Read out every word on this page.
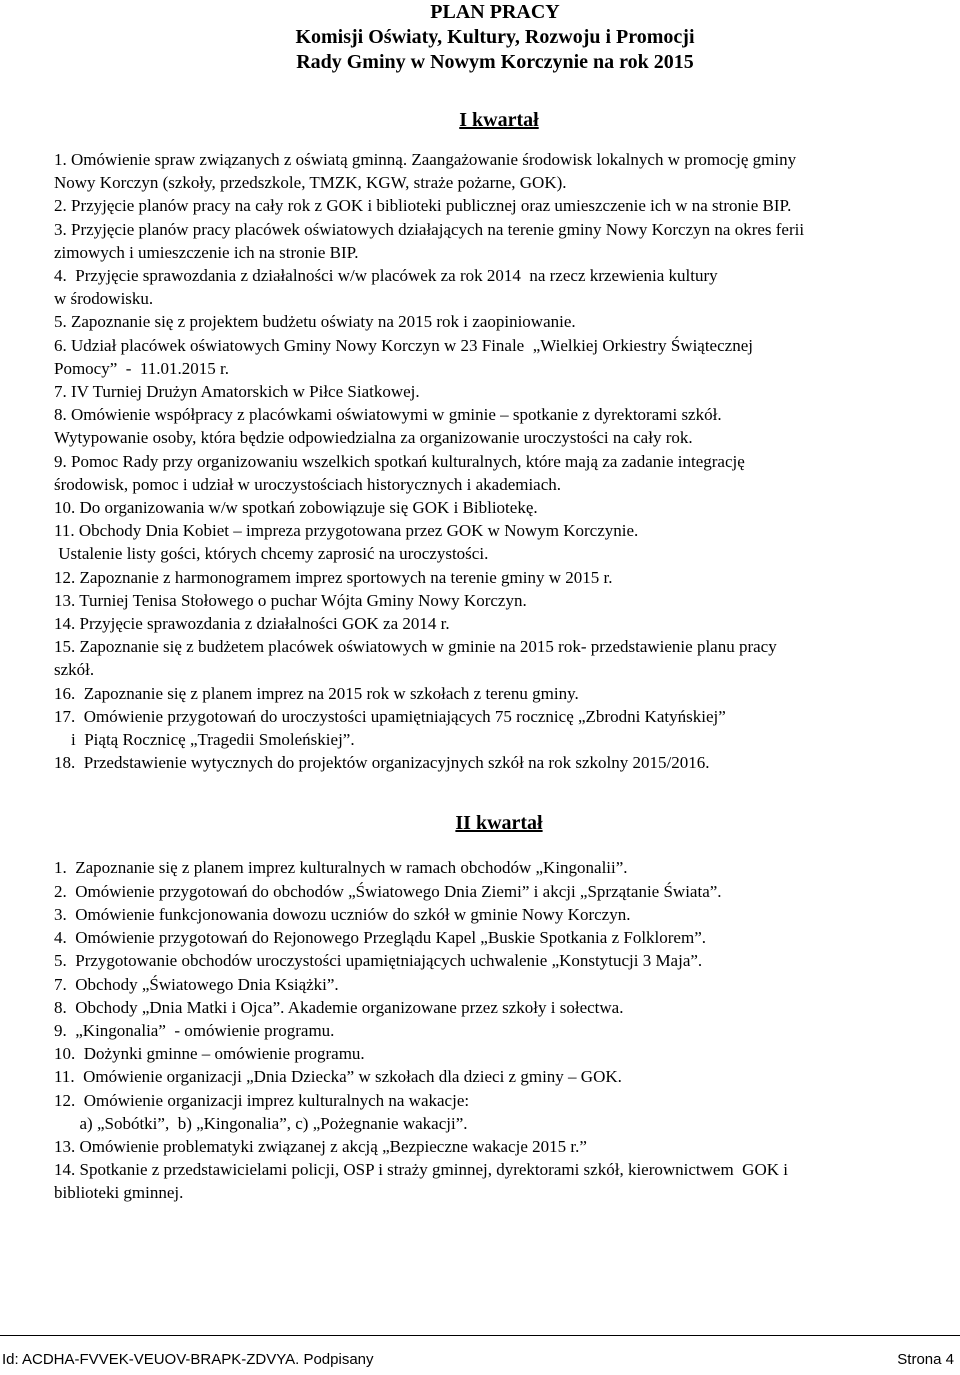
PLAN PRACY
Komisji Oświaty, Kultury, Rozwoju i Promocji
Rady Gminy w Nowym Korczynie na rok 2015
I kwartał
1. Omówienie spraw związanych z oświatą gminną. Zaangażowanie środowisk lokalnych w promocję gminy
Nowy Korczyn (szkoły, przedszkole, TMZK, KGW, straże pożarne, GOK).
2. Przyjęcie planów pracy na cały rok z GOK i biblioteki publicznej oraz umieszczenie ich w na stronie BIP.
3. Przyjęcie planów pracy placówek oświatowych działających na terenie gminy Nowy Korczyn na okres ferii
zimowych i umieszczenie ich na stronie BIP.
4.  Przyjęcie sprawozdania z działalności w/w placówek za rok 2014  na rzecz krzewienia kultury
w środowisku.
5. Zapoznanie się z projektem budżetu oświaty na 2015 rok i zaopiniowanie.
6. Udział placówek oświatowych Gminy Nowy Korczyn w 23 Finale  „Wielkiej Orkiestry Świątecznej
Pomocy”  -  11.01.2015 r.
7. IV Turniej Drużyn Amatorskich w Piłce Siatkowej.
8. Omówienie współpracy z placówkami oświatowymi w gminie – spotkanie z dyrektorami szkół.
Wytypowanie osoby, która będzie odpowiedzialna za organizowanie uroczystości na cały rok.
9. Pomoc Rady przy organizowaniu wszelkich spotkań kulturalnych, które mają za zadanie integrację
środowisk, pomoc i udział w uroczystościach historycznych i akademiach.
10. Do organizowania w/w spotkań zobowiązuje się GOK i Bibliotekę.
11. Obchody Dnia Kobiet – impreza przygotowana przez GOK w Nowym Korczynie.
Ustalenie listy gości, których chcemy zaprosić na uroczystości.
12. Zapoznanie z harmonogramem imprez sportowych na terenie gminy w 2015 r.
13. Turniej Tenisa Stołowego o puchar Wójta Gminy Nowy Korczyn.
14. Przyjęcie sprawozdania z działalności GOK za 2014 r.
15. Zapoznanie się z budżetem placówek oświatowych w gminie na 2015 rok- przedstawienie planu pracy
szkół.
16.  Zapoznanie się z planem imprez na 2015 rok w szkołach z terenu gminy.
17.  Omówienie przygotowań do uroczystości upamiętniających 75 rocznicę „Zbrodni Katyńskiej”
i  Piątą Rocznicę „Tragedii Smoleńskiej”.
18.  Przedstawienie wytycznych do projektów organizacyjnych szkół na rok szkolny 2015/2016.
II kwartał
1.  Zapoznanie się z planem imprez kulturalnych w ramach obchodów „Kingonalii”.
2.  Omówienie przygotowań do obchodów „Światowego Dnia Ziemi” i akcji „Sprzątanie Świata”.
3.  Omówienie funkcjonowania dowozu uczniów do szkół w gminie Nowy Korczyn.
4.  Omówienie przygotowań do Rejonowego Przeglądu Kapel „Buskie Spotkania z Folklorem”.
5.  Przygotowanie obchodów uroczystości upamiętniających uchwalenie „Konstytucji 3 Maja”.
7.  Obchody „Światowego Dnia Książki”.
8.  Obchody „Dnia Matki i Ojca”. Akademie organizowane przez szkoły i sołectwa.
9.  „Kingonalia”  - omówienie programu.
10.  Dożynki gminne – omówienie programu.
11.  Omówienie organizacji „Dnia Dziecka” w szkołach dla dzieci z gminy – GOK.
12.  Omówienie organizacji imprez kulturalnych na wakacje:
a) „Sobótki”,  b) „Kingonalia”, c) „Pożegnanie wakacji”.
13. Omówienie problematyki związanej z akcją „Bezpieczne wakacje 2015 r.”
14. Spotkanie z przedstawicielami policji, OSP i straży gminnej, dyrektorami szkół, kierownictwem  GOK i
biblioteki gminnej.
Id: ACDHA-FVVEK-VEUOV-BRAPK-ZDVYA. Podpisany	Strona 4
